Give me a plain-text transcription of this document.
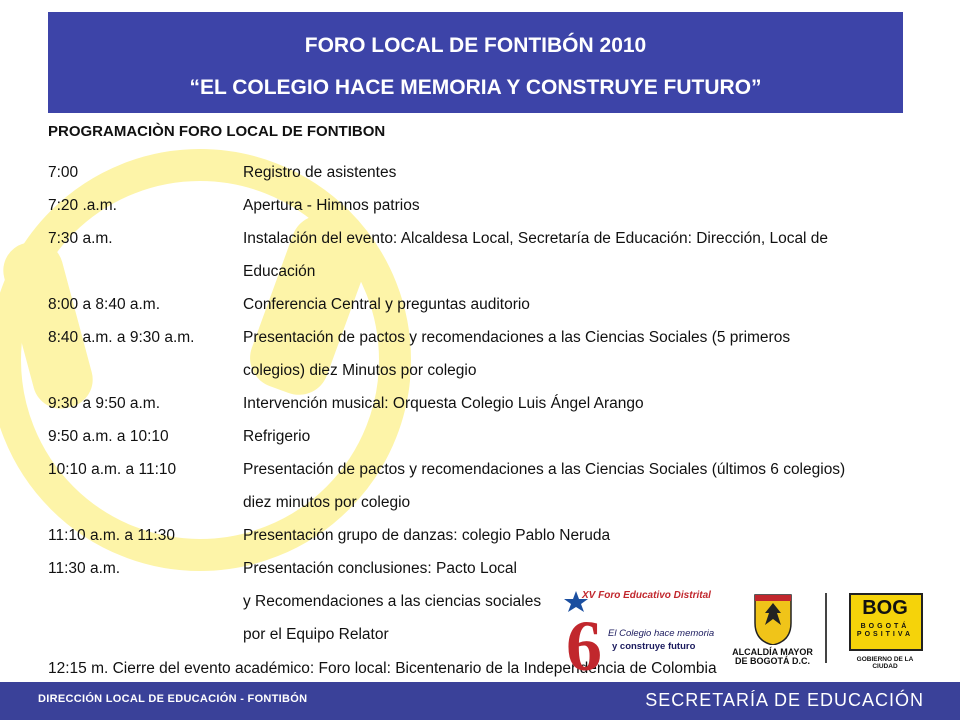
FORO LOCAL DE FONTIBÓN 2010
“EL COLEGIO HACE MEMORIA Y CONSTRUYE FUTURO”
PROGRAMACIÒN FORO LOCAL DE FONTIBON
7:00	Registro de asistentes
7:20 .a.m.	Apertura - Himnos patrios
7:30 a.m.	Instalación del evento: Alcaldesa Local, Secretaría de Educación: Dirección, Local de
Educación
8:00 a 8:40 a.m.	Conferencia Central y preguntas auditorio
8:40 a.m. a 9:30 a.m.	Presentación de pactos y recomendaciones a las Ciencias Sociales (5 primeros
colegios) diez Minutos por colegio
9:30 a 9:50 a.m.	Intervención musical: Orquesta Colegio Luis Ángel Arango
9:50 a.m. a 10:10	Refrigerio
10:10 a.m. a 11:10	Presentación de pactos y recomendaciones a las Ciencias Sociales (últimos 6 colegios)
diez minutos por colegio
11:10 a.m. a 11:30	Presentación grupo de danzas: colegio Pablo Neruda
11:30 a.m.	Presentación conclusiones: Pacto Local
y Recomendaciones a las ciencias sociales
por el Equipo Relator
12:15 m. Cierre del evento académico: Foro local: Bicentenario de la Independencia de Colombia
6
XV Foro Educativo Distrital
El Colegio hace memoria
y construye futuro	ALCALDÍA MAYOR DE BOGOTÁ D.C.
BOG
BOGOTÁ POSITIVA
GOBIERNO DE LA CIUDAD
DIRECCIÓN LOCAL DE EDUCACIÓN - FONTIBÓN	SECRETARÍA DE EDUCACIÓN
